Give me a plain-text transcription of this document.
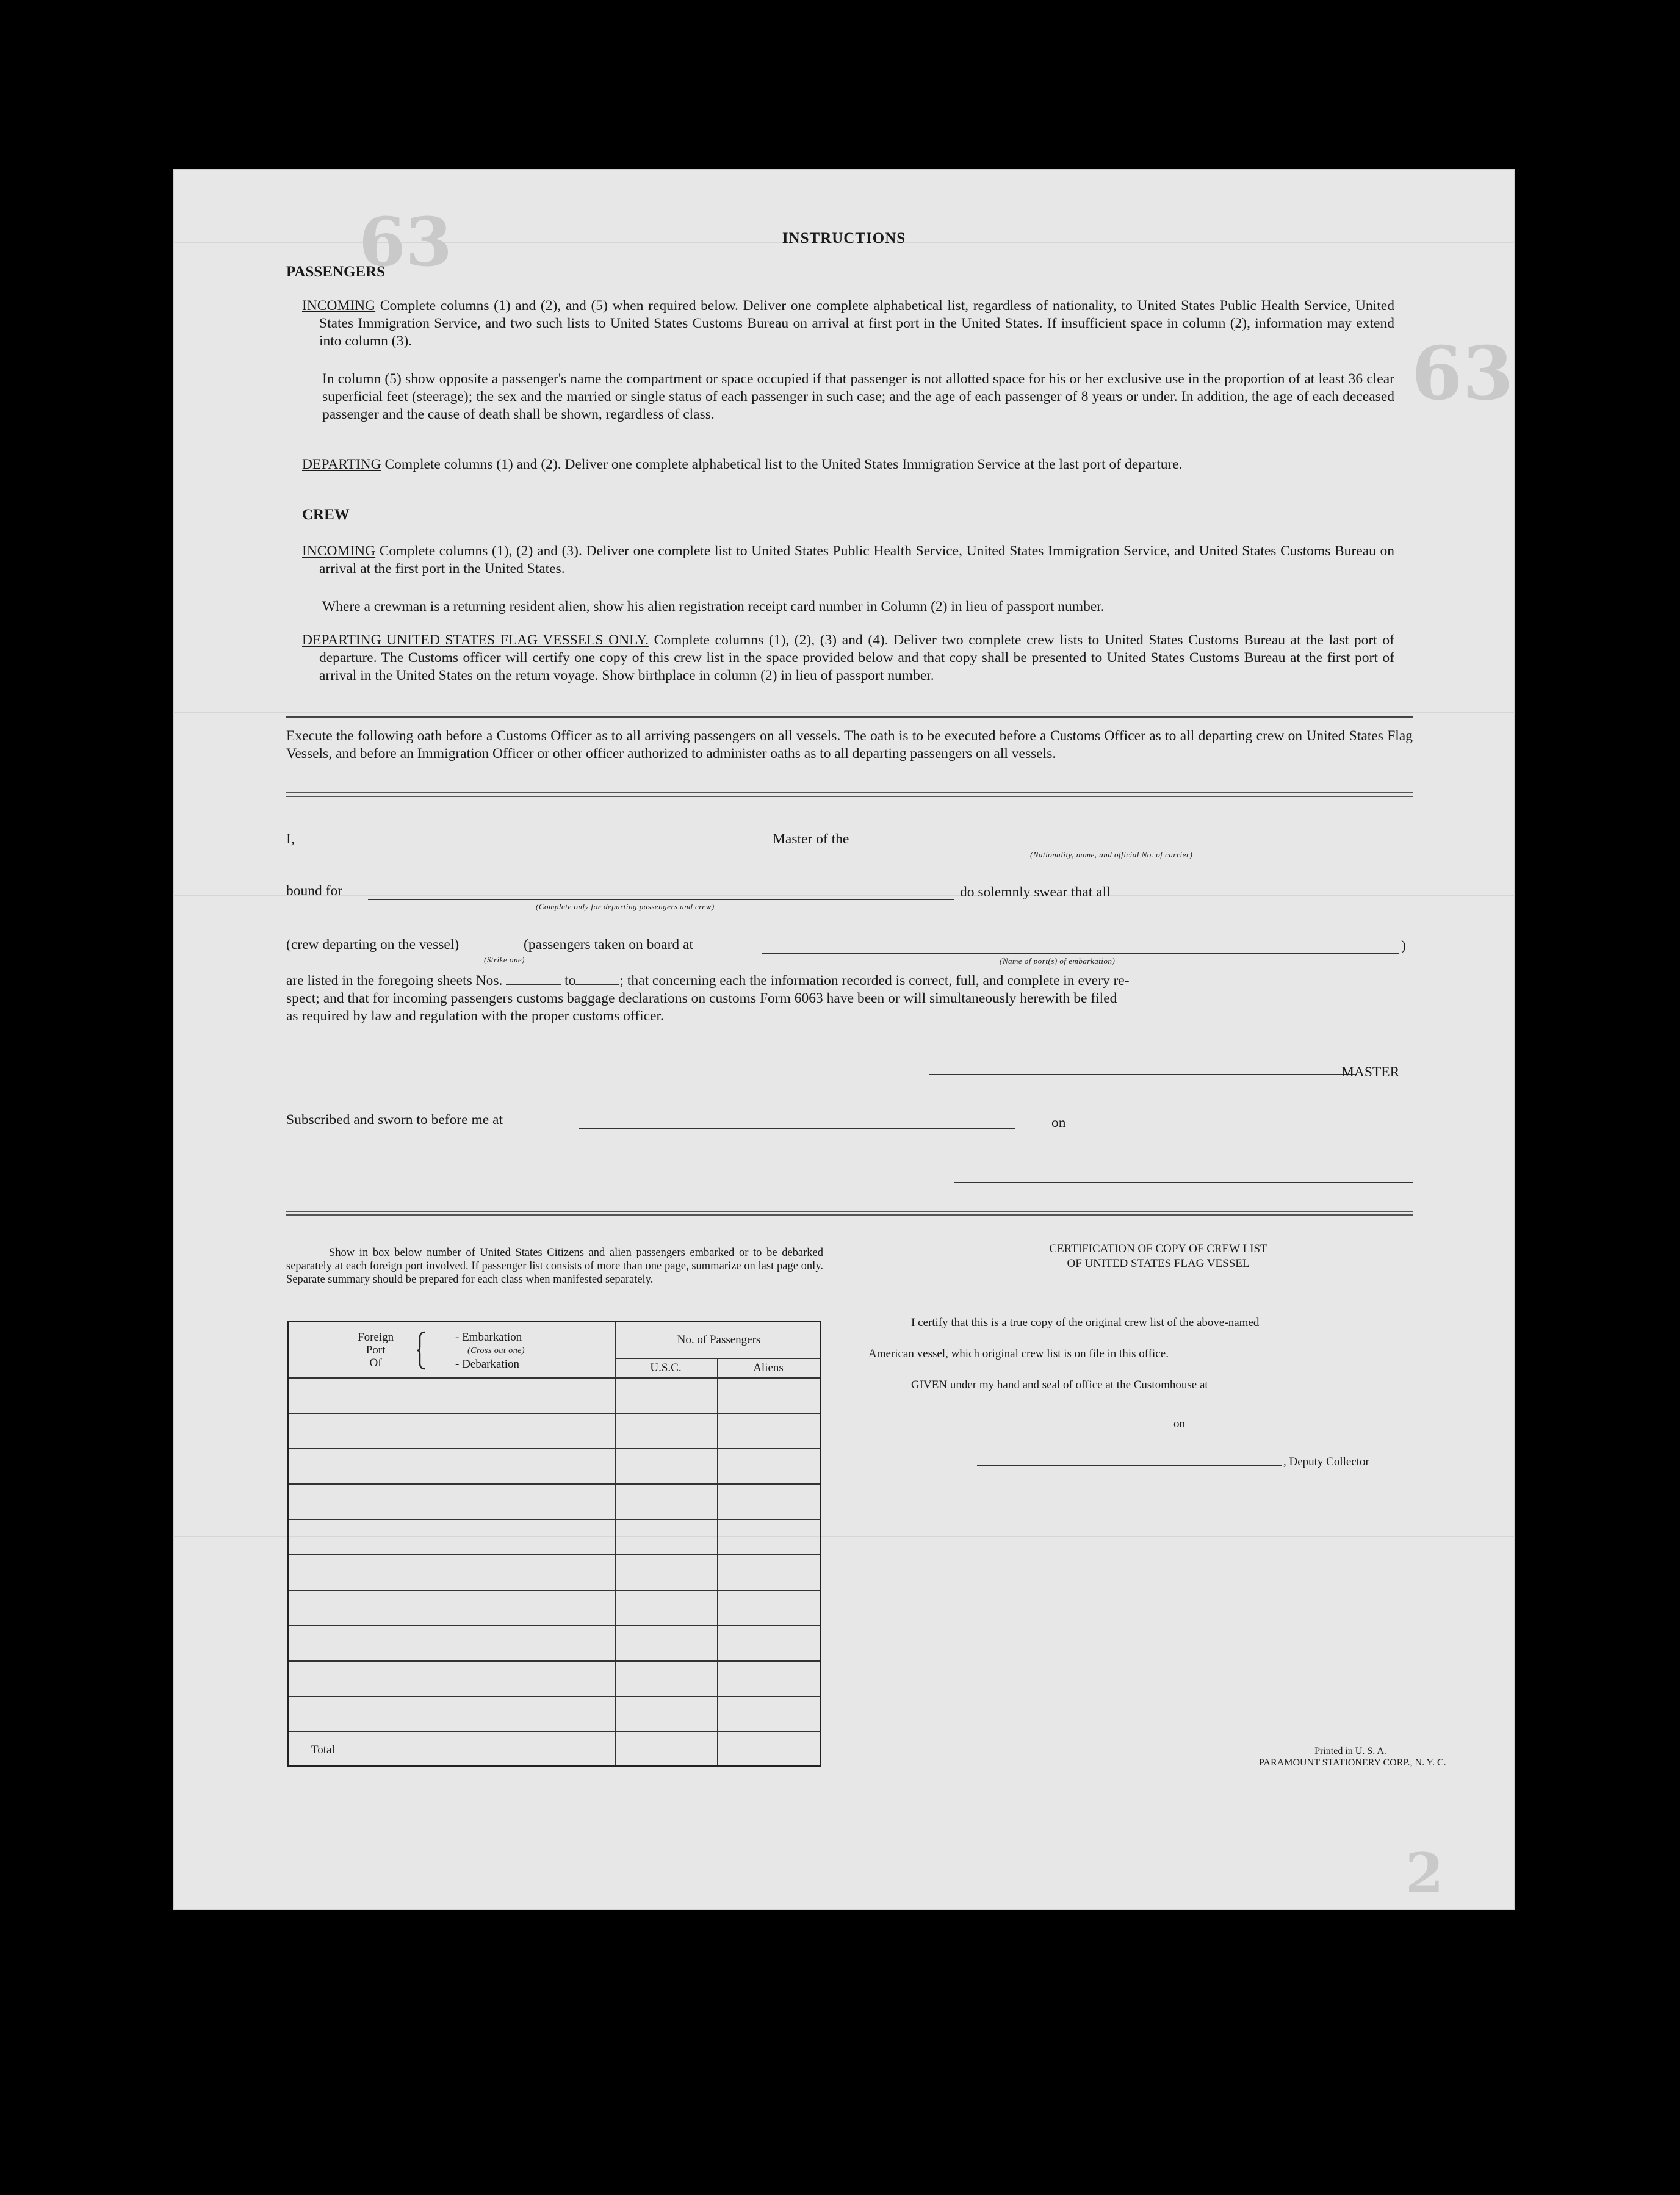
63
63
2

INSTRUCTIONS
PASSENGERS
INCOMING Complete columns (1) and (2), and (5) when required below. Deliver one complete alphabetical list, regardless of nationality, to United States Public Health Service, United States Immigration Service, and two such lists to United States Customs Bureau on arrival at first port in the United States. If insufficient space in column (2), information may extend into column (3).
In column (5) show opposite a passenger's name the compartment or space occupied if that passenger is not allotted space for his or her exclusive use in the proportion of at least 36 clear superficial feet (steerage); the sex and the married or single status of each passenger in such case; and the age of each passenger of 8 years or under. In addition, the age of each deceased passenger and the cause of death shall be shown, regardless of class.
DEPARTING Complete columns (1) and (2). Deliver one complete alphabetical list to the United States Immigration Service at the last port of departure.
CREW
INCOMING Complete columns (1), (2) and (3). Deliver one complete list to United States Public Health Service, United States Immigration Service, and United States Customs Bureau on arrival at the first port in the United States.
Where a crewman is a returning resident alien, show his alien registration receipt card number in Column (2) in lieu of passport number.
DEPARTING UNITED STATES FLAG VESSELS ONLY. Complete columns (1), (2), (3) and (4). Deliver two complete crew lists to United States Customs Bureau at the last port of departure. The Customs officer will certify one copy of this crew list in the space provided below and that copy shall be presented to United States Customs Bureau at the first port of arrival in the United States on the return voyage. Show birthplace in column (2) in lieu of passport number.
Execute the following oath before a Customs Officer as to all arriving passengers on all vessels. The oath is to be executed before a Customs Officer as to all departing crew on United States Flag Vessels, and before an Immigration Officer or other officer authorized to administer oaths as to all departing passengers on all vessels.
I,	Master of the
(Nationality, name, and official No. of carrier)
bound for
(Complete only for departing passengers and crew)
do solemnly swear that all
(crew departing on the vessel)	(passengers taken on board at	)
(Strike one)	(Name of port(s) of embarkation)
are listed in the foregoing sheets Nos.	to	; that concerning each the information recorded is correct, full, and complete in every re-
spect; and that for incoming passengers customs baggage declarations on customs Form 6063 have been or will simultaneously herewith be filed
as required by law and regulation with the proper customs officer.
MASTER
Subscribed and sworn to before me at	on
Show in box below number of United States Citizens and alien passengers embarked or to be debarked separately at each foreign port involved. If passenger list consists of more than one page, summarize on last page only. Separate summary should be prepared for each class when manifested separately.
Foreign
Port
Of
- Embarkation
(Cross out one)
- Debarkation
No. of Passengers
U.S.C.	Aliens
Total
CERTIFICATION OF COPY OF CREW LIST
OF UNITED STATES FLAG VESSEL
I certify that this is a true copy of the original crew list of the above-named
American vessel, which original crew list is on file in this office.
GIVEN under my hand and seal of office at the Customhouse at
on
, Deputy Collector
Printed in U. S. A.
PARAMOUNT STATIONERY CORP., N. Y. C.
